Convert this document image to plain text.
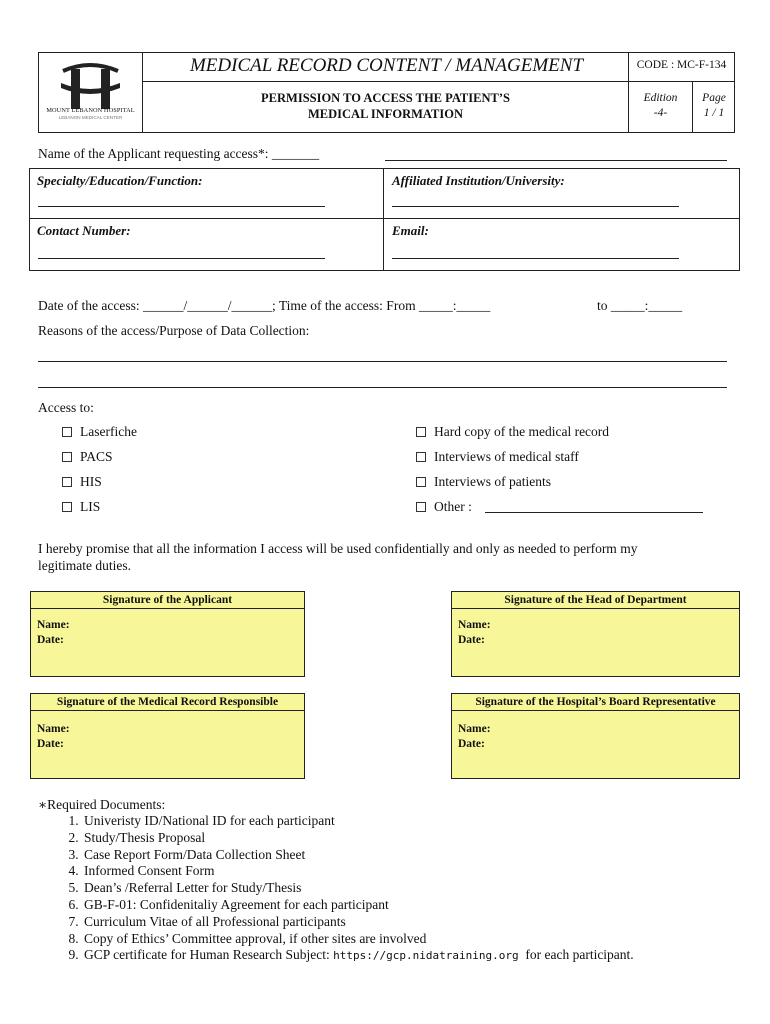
MOUNT LEBANON HOSPITAL
LEBANON MEDICAL CENTER
MEDICAL RECORD CONTENT / MANAGEMENT	CODE : MC-F-134
PERMISSION TO ACCESS THE PATIENT’S
MEDICAL INFORMATION
Edition
-4-
Page
1 / 1
Name of the Applicant requesting access*: _______
Specialty/Education/Function:	Affiliated Institution/University:
Contact Number:	Email:
Date of the access: ______/______/______; Time of the access: From _____:_____	to _____:_____
Reasons of the access/Purpose of Data Collection:
Access to:
Laserfiche
PACS
HIS
LIS
Hard copy of the medical record
Interviews of medical staff
Interviews of patients
Other :
I hereby promise that all the information I access will be used confidentially and only as needed to perform my
legitimate duties.
Signature of the Applicant
Name:
Date:
Signature of the Head of Department
Name:
Date:
Signature of the Medical Record Responsible
Name:
Date:
Signature of the Hospital’s Board Representative
Name:
Date:
∗Required Documents:
1. Univeristy ID/National ID for each participant
2. Study/Thesis Proposal
3. Case Report Form/Data Collection Sheet
4. Informed Consent Form
5. Dean’s /Referral Letter for Study/Thesis
6. GB-F-01: Confidenitaliy Agreement for each participant
7. Curriculum Vitae of all Professional participants
8. Copy of Ethics’ Committee approval, if other sites are involved
9. GCP certificate for Human Research Subject: https://gcp.nidatraining.org  for each participant.
